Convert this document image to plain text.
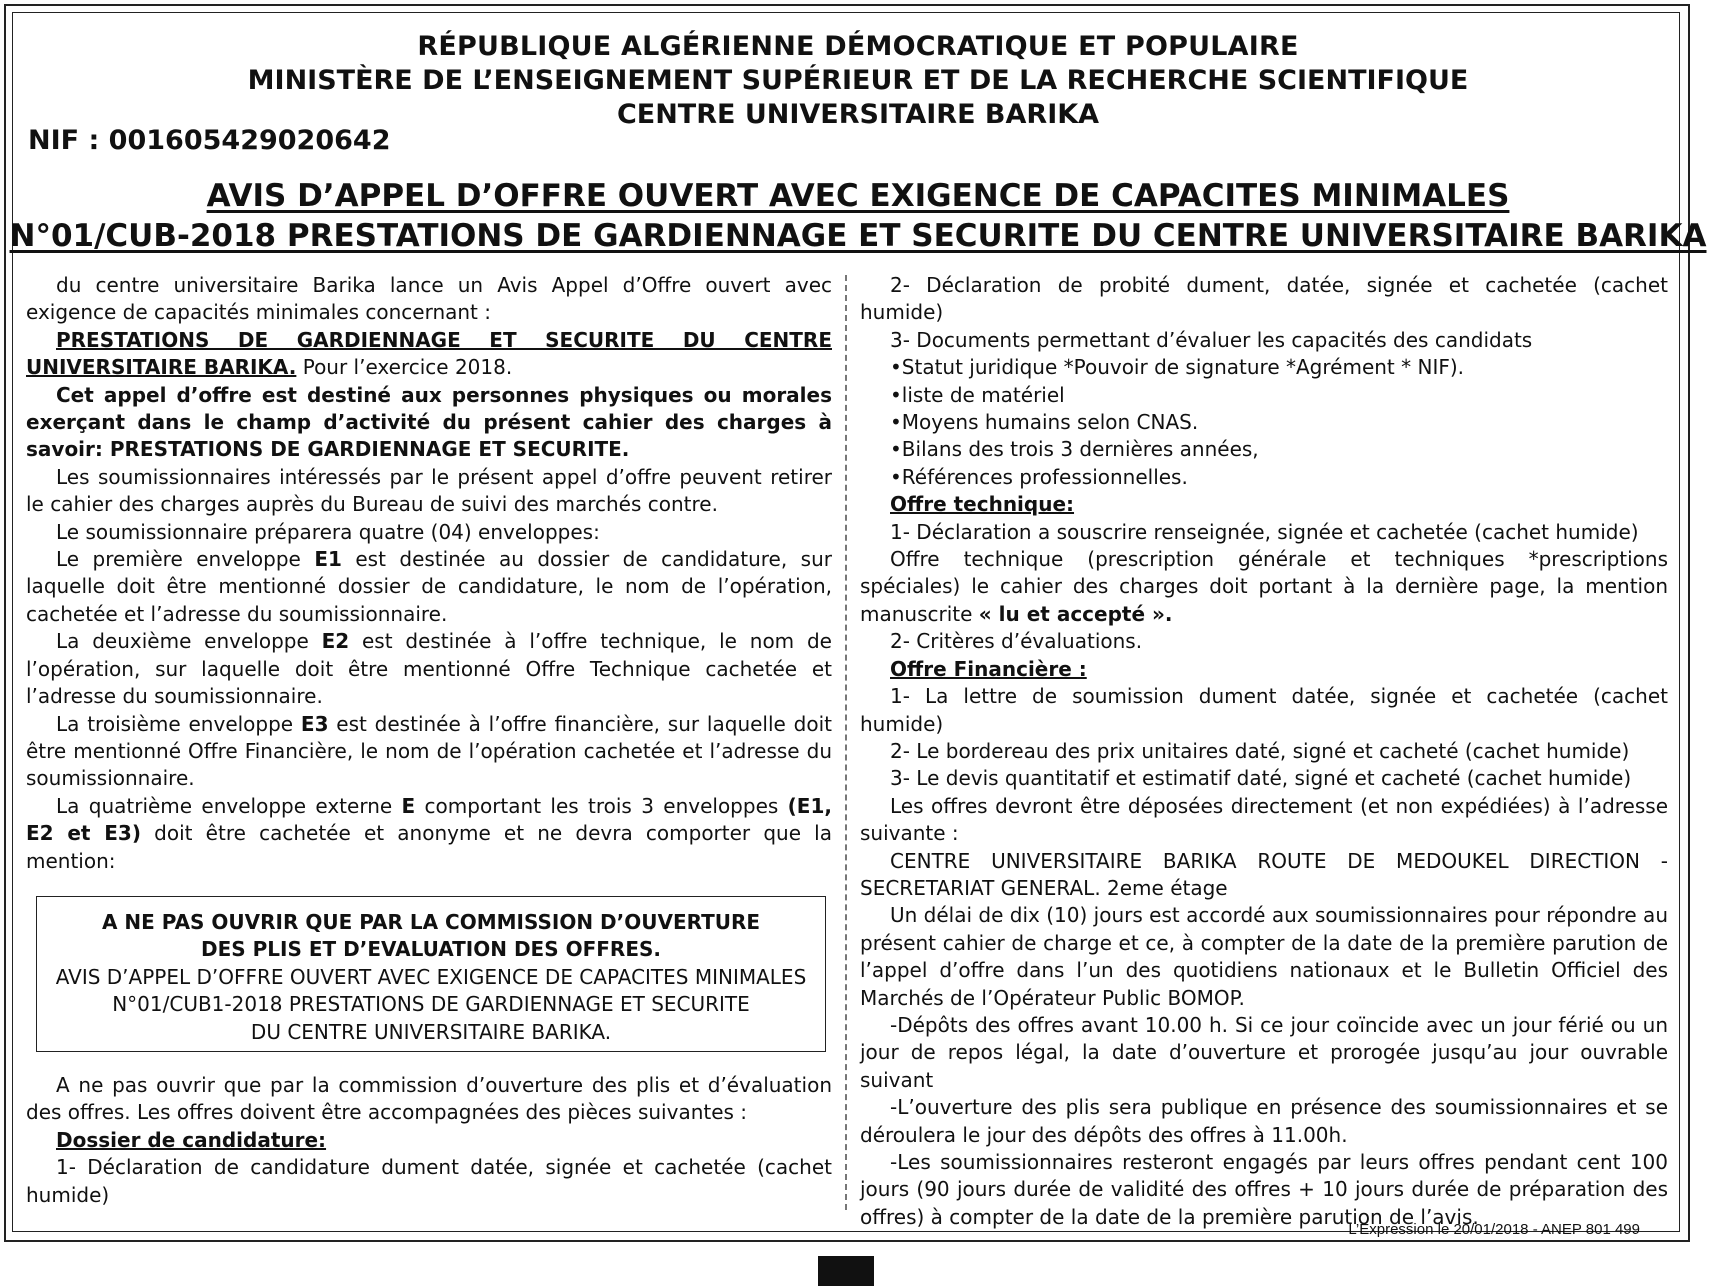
RÉPUBLIQUE ALGÉRIENNE DÉMOCRATIQUE ET POPULAIRE
MINISTÈRE DE L’ENSEIGNEMENT SUPÉRIEUR ET DE LA RECHERCHE SCIENTIFIQUE
CENTRE UNIVERSITAIRE BARIKA
NIF : 001605429020642
AVIS D’APPEL D’OFFRE OUVERT AVEC EXIGENCE DE CAPACITES MINIMALES
N°01/CUB-2018 PRESTATIONS DE GARDIENNAGE ET SECURITE DU CENTRE UNIVERSITAIRE BARIKA

du centre universitaire Barika lance un Avis Appel d’Offre ouvert avec exigence de capacités minimales concernant :

PRESTATIONS DE GARDIENNAGE ET SECURITE DU CENTRE UNIVERSITAIRE BARIKA. Pour l’exercice 2018.

Cet appel d’offre est destiné aux personnes physiques ou morales exerçant dans le champ d’activité du présent cahier des charges à savoir: PRESTATIONS DE GARDIENNAGE ET SECURITE.

Les soumissionnaires intéressés par le présent appel d’offre peuvent retirer le cahier des charges auprès du Bureau de suivi des marchés contre.

Le soumissionnaire préparera quatre (04) enveloppes:

Le première enveloppe E1 est destinée au dossier de candidature, sur laquelle doit être mentionné dossier de candidature, le nom de l’opération, cachetée et l’adresse du soumissionnaire.

La deuxième enveloppe E2 est destinée à l’offre technique, le nom de l’opération, sur laquelle doit être mentionné Offre Technique cachetée et l’adresse du soumissionnaire.

La troisième enveloppe E3 est destinée à l’offre financière, sur laquelle doit être mentionné Offre Financière, le nom de l’opération cachetée et l’adresse du soumissionnaire.

La quatrième enveloppe externe E comportant les trois 3 enveloppes (E1, E2 et E3) doit être cachetée et anonyme et ne devra comporter que la mention:

A NE PAS OUVRIR QUE PAR LA COMMISSION D’OUVERTURE
DES PLIS ET D’EVALUATION DES OFFRES.
AVIS D’APPEL D’OFFRE OUVERT AVEC EXIGENCE DE CAPACITES MINIMALES
N°01/CUB1-2018 PRESTATIONS DE GARDIENNAGE ET SECURITE
DU CENTRE UNIVERSITAIRE BARIKA.

A ne pas ouvrir que par la commission d’ouverture des plis et d’évaluation des offres. Les offres doivent être accompagnées des pièces suivantes :

Dossier de candidature:

1- Déclaration de candidature dument datée, signée et cachetée (cachet humide)

2- Déclaration de probité dument, datée, signée et cachetée (cachet humide)

3- Documents permettant d’évaluer les capacités des candidats

• Statut juridique *Pouvoir de signature *Agrément * NIF).

• liste de matériel

• Moyens humains selon CNAS.

• Bilans des trois 3 dernières années,

• Références professionnelles.

Offre technique:

1- Déclaration a souscrire renseignée, signée et cachetée (cachet humide)

Offre technique (prescription générale et techniques *prescriptions spéciales) le cahier des charges doit portant à la dernière page, la mention manuscrite « lu et accepté ».

2- Critères d’évaluations.

Offre Financière :

1- La lettre de soumission dument datée, signée et cachetée (cachet humide)

2- Le bordereau des prix unitaires daté, signé et cacheté (cachet humide)

3- Le devis quantitatif et estimatif daté, signé et cacheté (cachet humide)

Les offres devront être déposées directement (et non expédiées) à l’adresse suivante :

CENTRE UNIVERSITAIRE BARIKA ROUTE DE MEDOUKEL DIRECTION - SECRETARIAT GENERAL. 2eme étage

Un délai de dix (10) jours est accordé aux soumissionnaires pour répondre au présent cahier de charge et ce, à compter de la date de la première parution de l’appel d’offre dans l’un des quotidiens nationaux et le Bulletin Officiel des Marchés de l’Opérateur Public BOMOP.

-Dépôts des offres avant 10.00 h. Si ce jour coïncide avec un jour férié ou un jour de repos légal, la date d’ouverture et prorogée jusqu’au jour ouvrable suivant

-L’ouverture des plis sera publique en présence des soumissionnaires et se déroulera le jour des dépôts des offres à 11.00h.

-Les soumissionnaires resteront engagés par leurs offres pendant cent 100 jours (90 jours durée de validité des offres + 10 jours durée de préparation des offres) à compter de la date de la première parution de l’avis.

L’Expression le 20/01/2018 - ANEP 801 499
